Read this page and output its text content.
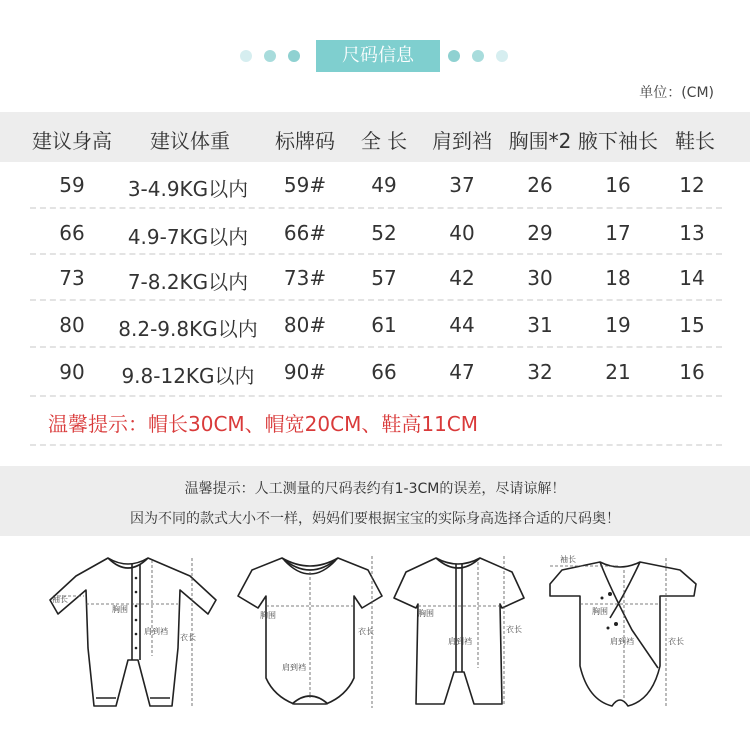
尺码信息
单位：(CM)
建议身高 建议体重 标牌码 全 长 肩到裆 胸围*2 腋下袖长 鞋长
59 3-4.9KG以内 59# 49	37	26	16 12
66 4.9-7KG以内 66# 52	40	29	17 13
73 7-8.2KG以内 73# 57	42	30	18 14
80 8.2-9.8KG以内 80# 61	44	31	19 15
90 9.8-12KG以内 90# 66	47	32	21 16
温馨提示：帽长30CM、帽宽20CM、鞋高11CM
温馨提示：人工测量的尺码表约有1-3CM的误差，尽请谅解！
因为不同的款式大小不一样，妈妈们要根据宝宝的实际身高选择合适的尺码奥！
袖长
胸围
肩到裆
衣长
胸围
肩到裆
衣长
胸围
肩到裆
衣长
袖长
胸围
肩到裆	衣长
